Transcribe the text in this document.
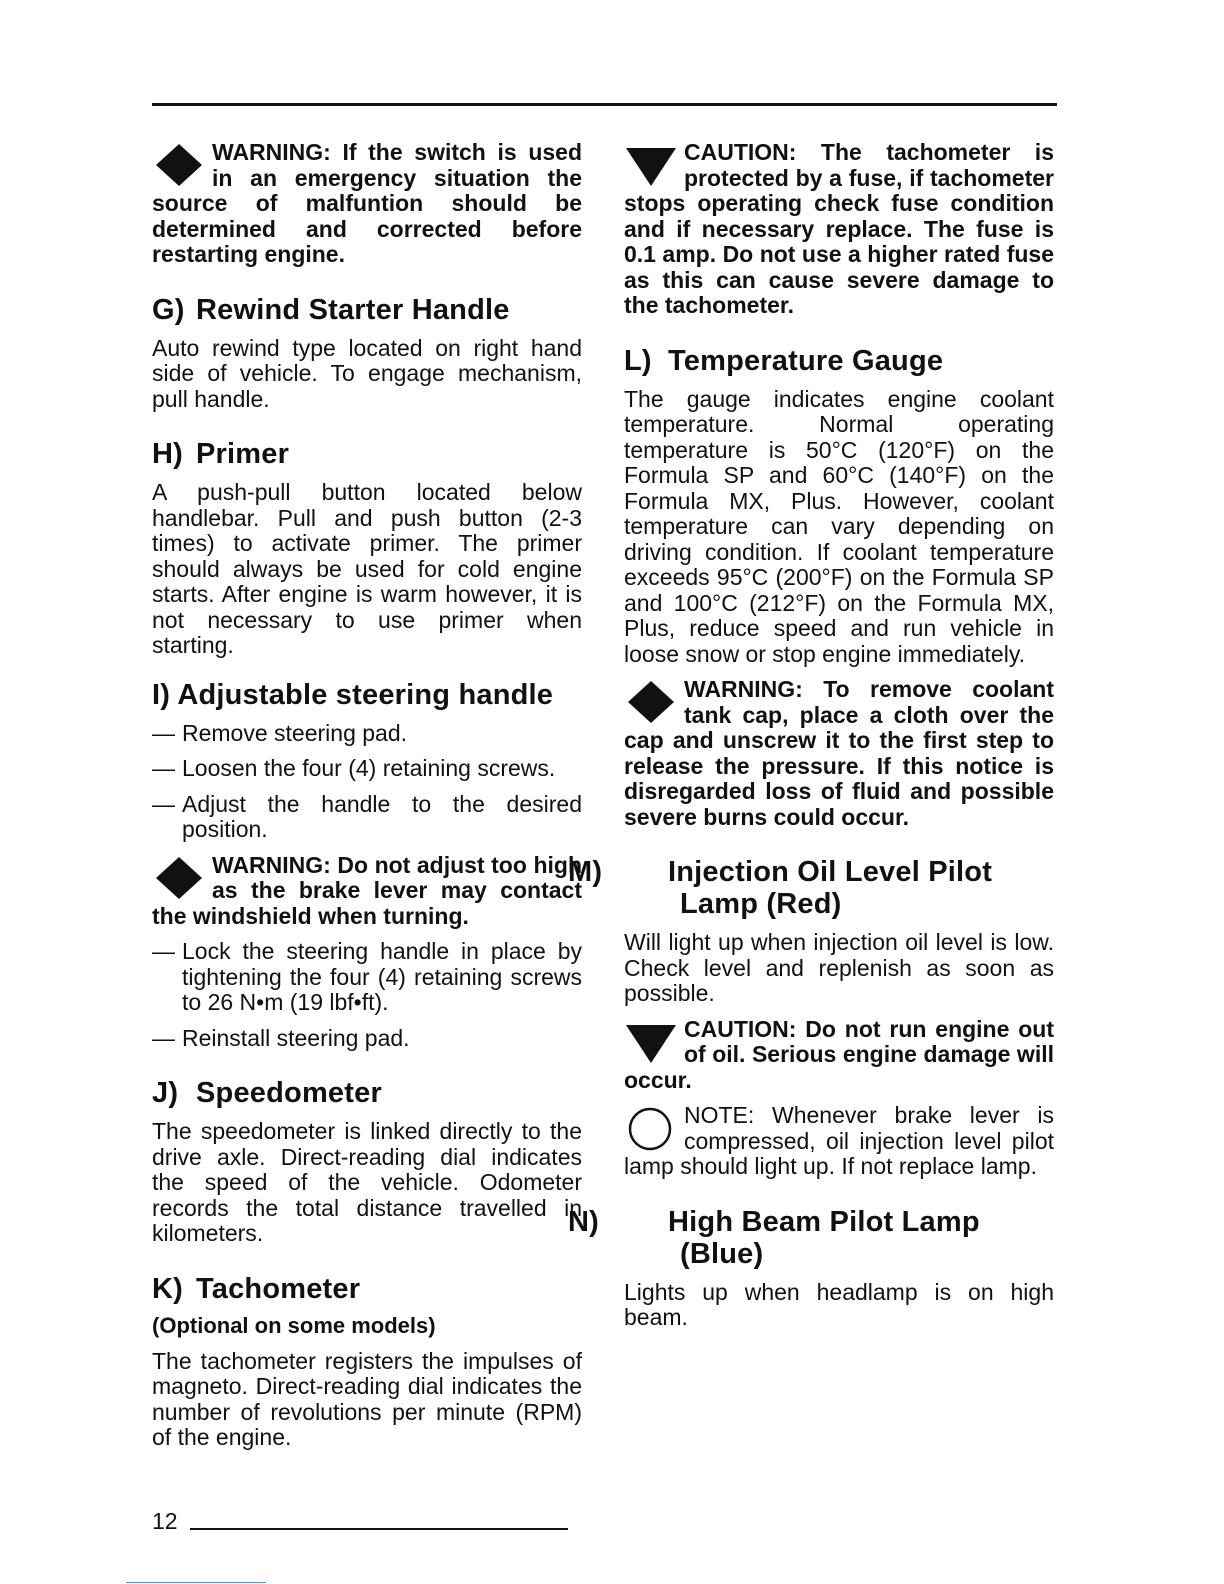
WARNING: If the switch is used in an emergency situation the source of malfuntion should be determined and corrected before restarting engine.

G) Rewind Starter Handle

Auto rewind type located on right hand side of vehicle. To engage mechanism, pull handle.

H) Primer

A push-pull button located below handlebar. Pull and push button (2-3 times) to activate primer. The primer should always be used for cold engine starts. After engine is warm however, it is not necessary to use primer when starting.

I) Adjustable steering handle
— Remove steering pad.
— Loosen the four (4) retaining screws.
— Adjust the handle to the desired position.

WARNING: Do not adjust too high as the brake lever may contact the windshield when turning.

— Lock the steering handle in place by tightening the four (4) retaining screws to 26 N•m (19 lbf•ft).
— Reinstall steering pad.
J) Speedometer

The speedometer is linked directly to the drive axle. Direct-reading dial indicates the speed of the vehicle. Odometer records the total distance travelled in kilometers.

K) Tachometer
(Optional on some models)

The tachometer registers the impulses of magneto. Direct-reading dial indicates the number of revolutions per minute (RPM) of the engine.

CAUTION: The tachometer is protected by a fuse, if tachometer stops operating check fuse condition and if necessary replace. The fuse is 0.1 amp. Do not use a higher rated fuse as this can cause severe damage to the tachometer.

L) Temperature Gauge

The gauge indicates engine coolant temperature. Normal operating temperature is 50°C (120°F) on the Formula SP and 60°C (140°F) on the Formula MX, Plus. However, coolant temperature can vary depending on driving condition. If coolant temperature exceeds 95°C (200°F) on the Formula SP and 100°C (212°F) on the Formula MX, Plus, reduce speed and run vehicle in loose snow or stop engine immediately.

WARNING: To remove coolant tank cap, place a cloth over the cap and unscrew it to the first step to release the pressure. If this notice is disregarded loss of fluid and possible severe burns could occur.

M) Injection Oil Level Pilot Lamp (Red)

Will light up when injection oil level is low. Check level and replenish as soon as possible.

CAUTION: Do not run engine out of oil. Serious engine damage will occur.

NOTE: Whenever brake lever is compressed, oil injection level pilot lamp should light up. If not replace lamp.

N) High Beam Pilot Lamp (Blue)

Lights up when headlamp is on high beam.

12
